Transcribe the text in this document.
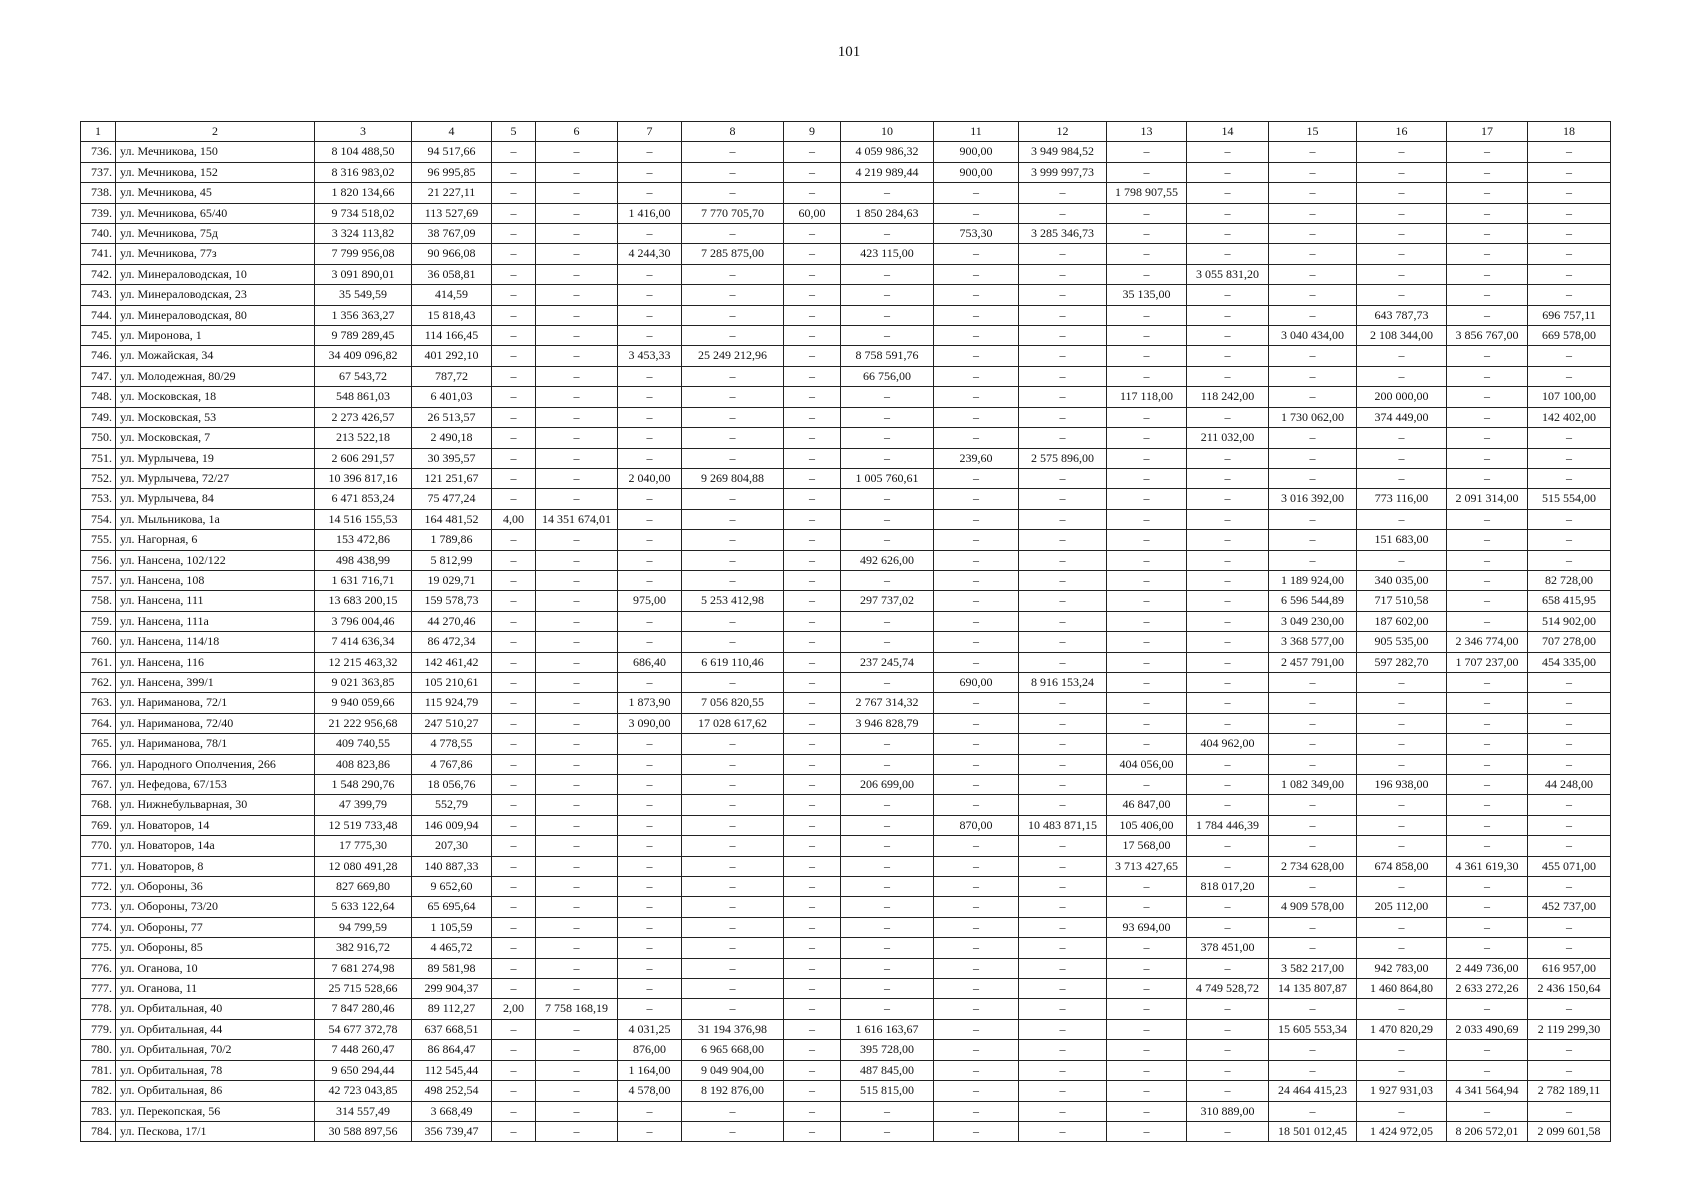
101
1	2	3	4	5	6	7	8	9	10	11	12	13	14	15	16	17	18
736.	ул. Мечникова, 150	8 104 488,50	94 517,66	–	–	–	–	–	4 059 986,32	900,00	3 949 984,52	–	–	–	–	–	–
737.	ул. Мечникова, 152	8 316 983,02	96 995,85	–	–	–	–	–	4 219 989,44	900,00	3 999 997,73	–	–	–	–	–	–
738.	ул. Мечникова, 45	1 820 134,66	21 227,11	–	–	–	–	–	–	–	–	1 798 907,55	–	–	–	–	–
739.	ул. Мечникова, 65/40	9 734 518,02	113 527,69	–	–	1 416,00	7 770 705,70	60,00	1 850 284,63	–	–	–	–	–	–	–	–
740.	ул. Мечникова, 75д	3 324 113,82	38 767,09	–	–	–	–	–	–	753,30	3 285 346,73	–	–	–	–	–	–
741.	ул. Мечникова, 77з	7 799 956,08	90 966,08	–	–	4 244,30	7 285 875,00	–	423 115,00	–	–	–	–	–	–	–	–
742.	ул. Минераловодская, 10	3 091 890,01	36 058,81	–	–	–	–	–	–	–	–	–	3 055 831,20	–	–	–	–
743.	ул. Минераловодская, 23	35 549,59	414,59	–	–	–	–	–	–	–	–	35 135,00	–	–	–	–	–
744.	ул. Минераловодская, 80	1 356 363,27	15 818,43	–	–	–	–	–	–	–	–	–	–	–	643 787,73	–	696 757,11
745.	ул. Миронова, 1	9 789 289,45	114 166,45	–	–	–	–	–	–	–	–	–	–	3 040 434,00	2 108 344,00	3 856 767,00	669 578,00
746.	ул. Можайская, 34	34 409 096,82	401 292,10	–	–	3 453,33	25 249 212,96	–	8 758 591,76	–	–	–	–	–	–	–	–
747.	ул. Молодежная, 80/29	67 543,72	787,72	–	–	–	–	–	66 756,00	–	–	–	–	–	–	–	–
748.	ул. Московская, 18	548 861,03	6 401,03	–	–	–	–	–	–	–	–	117 118,00	118 242,00	–	200 000,00	–	107 100,00
749.	ул. Московская, 53	2 273 426,57	26 513,57	–	–	–	–	–	–	–	–	–	–	1 730 062,00	374 449,00	–	142 402,00
750.	ул. Московская, 7	213 522,18	2 490,18	–	–	–	–	–	–	–	–	–	211 032,00	–	–	–	–
751.	ул. Мурлычева, 19	2 606 291,57	30 395,57	–	–	–	–	–	–	239,60	2 575 896,00	–	–	–	–	–	–
752.	ул. Мурлычева, 72/27	10 396 817,16	121 251,67	–	–	2 040,00	9 269 804,88	–	1 005 760,61	–	–	–	–	–	–	–	–
753.	ул. Мурлычева, 84	6 471 853,24	75 477,24	–	–	–	–	–	–	–	–	–	–	3 016 392,00	773 116,00	2 091 314,00	515 554,00
754.	ул. Мыльникова, 1а	14 516 155,53	164 481,52	4,00	14 351 674,01	–	–	–	–	–	–	–	–	–	–	–	–
755.	ул. Нагорная, 6	153 472,86	1 789,86	–	–	–	–	–	–	–	–	–	–	–	151 683,00	–	–
756.	ул. Нансена, 102/122	498 438,99	5 812,99	–	–	–	–	–	492 626,00	–	–	–	–	–	–	–	–
757.	ул. Нансена, 108	1 631 716,71	19 029,71	–	–	–	–	–	–	–	–	–	–	1 189 924,00	340 035,00	–	82 728,00
758.	ул. Нансена, 111	13 683 200,15	159 578,73	–	–	975,00	5 253 412,98	–	297 737,02	–	–	–	–	6 596 544,89	717 510,58	–	658 415,95
759.	ул. Нансена, 111а	3 796 004,46	44 270,46	–	–	–	–	–	–	–	–	–	–	3 049 230,00	187 602,00	–	514 902,00
760.	ул. Нансена, 114/18	7 414 636,34	86 472,34	–	–	–	–	–	–	–	–	–	–	3 368 577,00	905 535,00	2 346 774,00	707 278,00
761.	ул. Нансена, 116	12 215 463,32	142 461,42	–	–	686,40	6 619 110,46	–	237 245,74	–	–	–	–	2 457 791,00	597 282,70	1 707 237,00	454 335,00
762.	ул. Нансена, 399/1	9 021 363,85	105 210,61	–	–	–	–	–	–	690,00	8 916 153,24	–	–	–	–	–	–
763.	ул. Нариманова, 72/1	9 940 059,66	115 924,79	–	–	1 873,90	7 056 820,55	–	2 767 314,32	–	–	–	–	–	–	–	–
764.	ул. Нариманова, 72/40	21 222 956,68	247 510,27	–	–	3 090,00	17 028 617,62	–	3 946 828,79	–	–	–	–	–	–	–	–
765.	ул. Нариманова, 78/1	409 740,55	4 778,55	–	–	–	–	–	–	–	–	–	404 962,00	–	–	–	–
766.	ул. Народного Ополчения, 266	408 823,86	4 767,86	–	–	–	–	–	–	–	–	404 056,00	–	–	–	–	–
767.	ул. Нефедова, 67/153	1 548 290,76	18 056,76	–	–	–	–	–	206 699,00	–	–	–	–	1 082 349,00	196 938,00	–	44 248,00
768.	ул. Нижнебульварная, 30	47 399,79	552,79	–	–	–	–	–	–	–	–	46 847,00	–	–	–	–	–
769.	ул. Новаторов, 14	12 519 733,48	146 009,94	–	–	–	–	–	–	870,00	10 483 871,15	105 406,00	1 784 446,39	–	–	–	–
770.	ул. Новаторов, 14а	17 775,30	207,30	–	–	–	–	–	–	–	–	17 568,00	–	–	–	–	–
771.	ул. Новаторов, 8	12 080 491,28	140 887,33	–	–	–	–	–	–	–	–	3 713 427,65	–	2 734 628,00	674 858,00	4 361 619,30	455 071,00
772.	ул. Обороны, 36	827 669,80	9 652,60	–	–	–	–	–	–	–	–	–	818 017,20	–	–	–	–
773.	ул. Обороны, 73/20	5 633 122,64	65 695,64	–	–	–	–	–	–	–	–	–	–	4 909 578,00	205 112,00	–	452 737,00
774.	ул. Обороны, 77	94 799,59	1 105,59	–	–	–	–	–	–	–	–	93 694,00	–	–	–	–	–
775.	ул. Обороны, 85	382 916,72	4 465,72	–	–	–	–	–	–	–	–	–	378 451,00	–	–	–	–
776.	ул. Оганова, 10	7 681 274,98	89 581,98	–	–	–	–	–	–	–	–	–	–	3 582 217,00	942 783,00	2 449 736,00	616 957,00
777.	ул. Оганова, 11	25 715 528,66	299 904,37	–	–	–	–	–	–	–	–	–	4 749 528,72	14 135 807,87	1 460 864,80	2 633 272,26	2 436 150,64
778.	ул. Орбитальная, 40	7 847 280,46	89 112,27	2,00	7 758 168,19	–	–	–	–	–	–	–	–	–	–	–	–
779.	ул. Орбитальная, 44	54 677 372,78	637 668,51	–	–	4 031,25	31 194 376,98	–	1 616 163,67	–	–	–	–	15 605 553,34	1 470 820,29	2 033 490,69	2 119 299,30
780.	ул. Орбитальная, 70/2	7 448 260,47	86 864,47	–	–	876,00	6 965 668,00	–	395 728,00	–	–	–	–	–	–	–	–
781.	ул. Орбитальная, 78	9 650 294,44	112 545,44	–	–	1 164,00	9 049 904,00	–	487 845,00	–	–	–	–	–	–	–	–
782.	ул. Орбитальная, 86	42 723 043,85	498 252,54	–	–	4 578,00	8 192 876,00	–	515 815,00	–	–	–	–	24 464 415,23	1 927 931,03	4 341 564,94	2 782 189,11
783.	ул. Перекопская, 56	314 557,49	3 668,49	–	–	–	–	–	–	–	–	–	310 889,00	–	–	–	–
784.	ул. Пескова, 17/1	30 588 897,56	356 739,47	–	–	–	–	–	–	–	–	–	–	18 501 012,45	1 424 972,05	8 206 572,01	2 099 601,58
